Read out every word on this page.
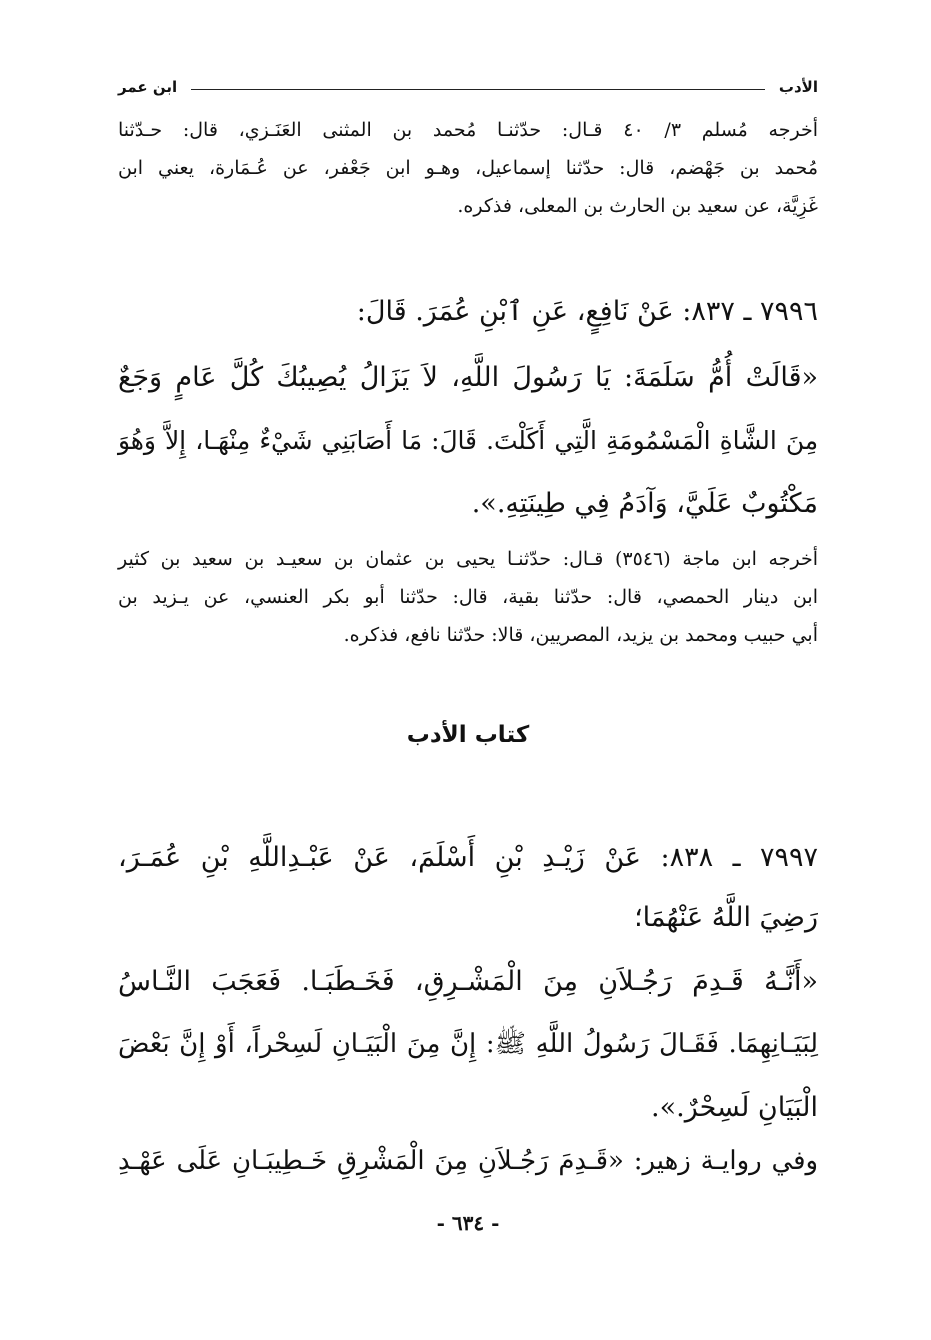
الأدب
ابن عمر
أخرجه مُسلم ٣/ ٤٠ قـال: حدّثنـا مُحمد بن المثنى العَنَـزي، قال: حـدّثنا
مُحمد بن جَهْضم، قال: حدّثنا إسماعيل، وهـو ابن جَعْفر، عن عُـمَارة، يعني ابن
غَزِيَّة، عن سعيد بن الحارث بن المعلى، فذكره.
٧٩٩٦ ـ ٨٣٧: عَنْ نَافِعٍ، عَنِ ٱبْنِ عُمَرَ. قَالَ:
«قَالَتْ أُمُّ سَلَمَةَ: يَا رَسُولَ اللَّهِ، لاَ يَزَالُ يُصِيبُكَ كُلَّ عَامٍ وَجَعٌ
مِنَ الشَّاةِ الْمَسْمُومَةِ الَّتِي أَكَلْتَ. قَالَ: مَا أَصَابَنِي شَيْءٌ مِنْهَـا، إِلاَّ وَهُوَ
مَكْتُوبٌ عَلَيَّ، وَآدَمُ فِي طِينَتِهِ.».
أخرجه ابن ماجة (٣٥٤٦) قـال: حدّثنـا يحيى بن عثمان بن سعيـد بن سعيد بن كثير
ابن دينار الحمصي، قال: حدّثنا بقية، قال: حدّثنا أبو بكر العنسي، عن يـزيد بن
أبي حبيب ومحمد بن يزيد، المصريين، قالا: حدّثنا نافع، فذكره.
كتاب الأدب
٧٩٩٧ ـ ٨٣٨: عَنْ زَيْـدِ بْنِ أَسْلَمَ، عَنْ عَبْـدِاللَّهِ بْنِ عُمَـرَ،
رَضِيَ اللَّهُ عَنْهُمَا؛
«أَنَّـهُ قَـدِمَ رَجُـلاَنِ مِنَ الْمَشْـرِقِ، فَخَـطَبَـا. فَعَجَبَ النَّـاسُ
لِبَيَـانِهِمَا. فَقَـالَ رَسُولُ اللَّهِ ﷺ: إِنَّ مِنَ الْبَيَـانِ لَسِحْراً، أَوْ إِنَّ بَعْضَ
الْبَيَانِ لَسِحْرٌ.».
وفي روايـة زهير: «قَـدِمَ رَجُـلاَنِ مِنَ الْمَشْرِقِ خَـطِيبَـانِ عَلَى عَهْـدِ
- ٦٣٤ -
